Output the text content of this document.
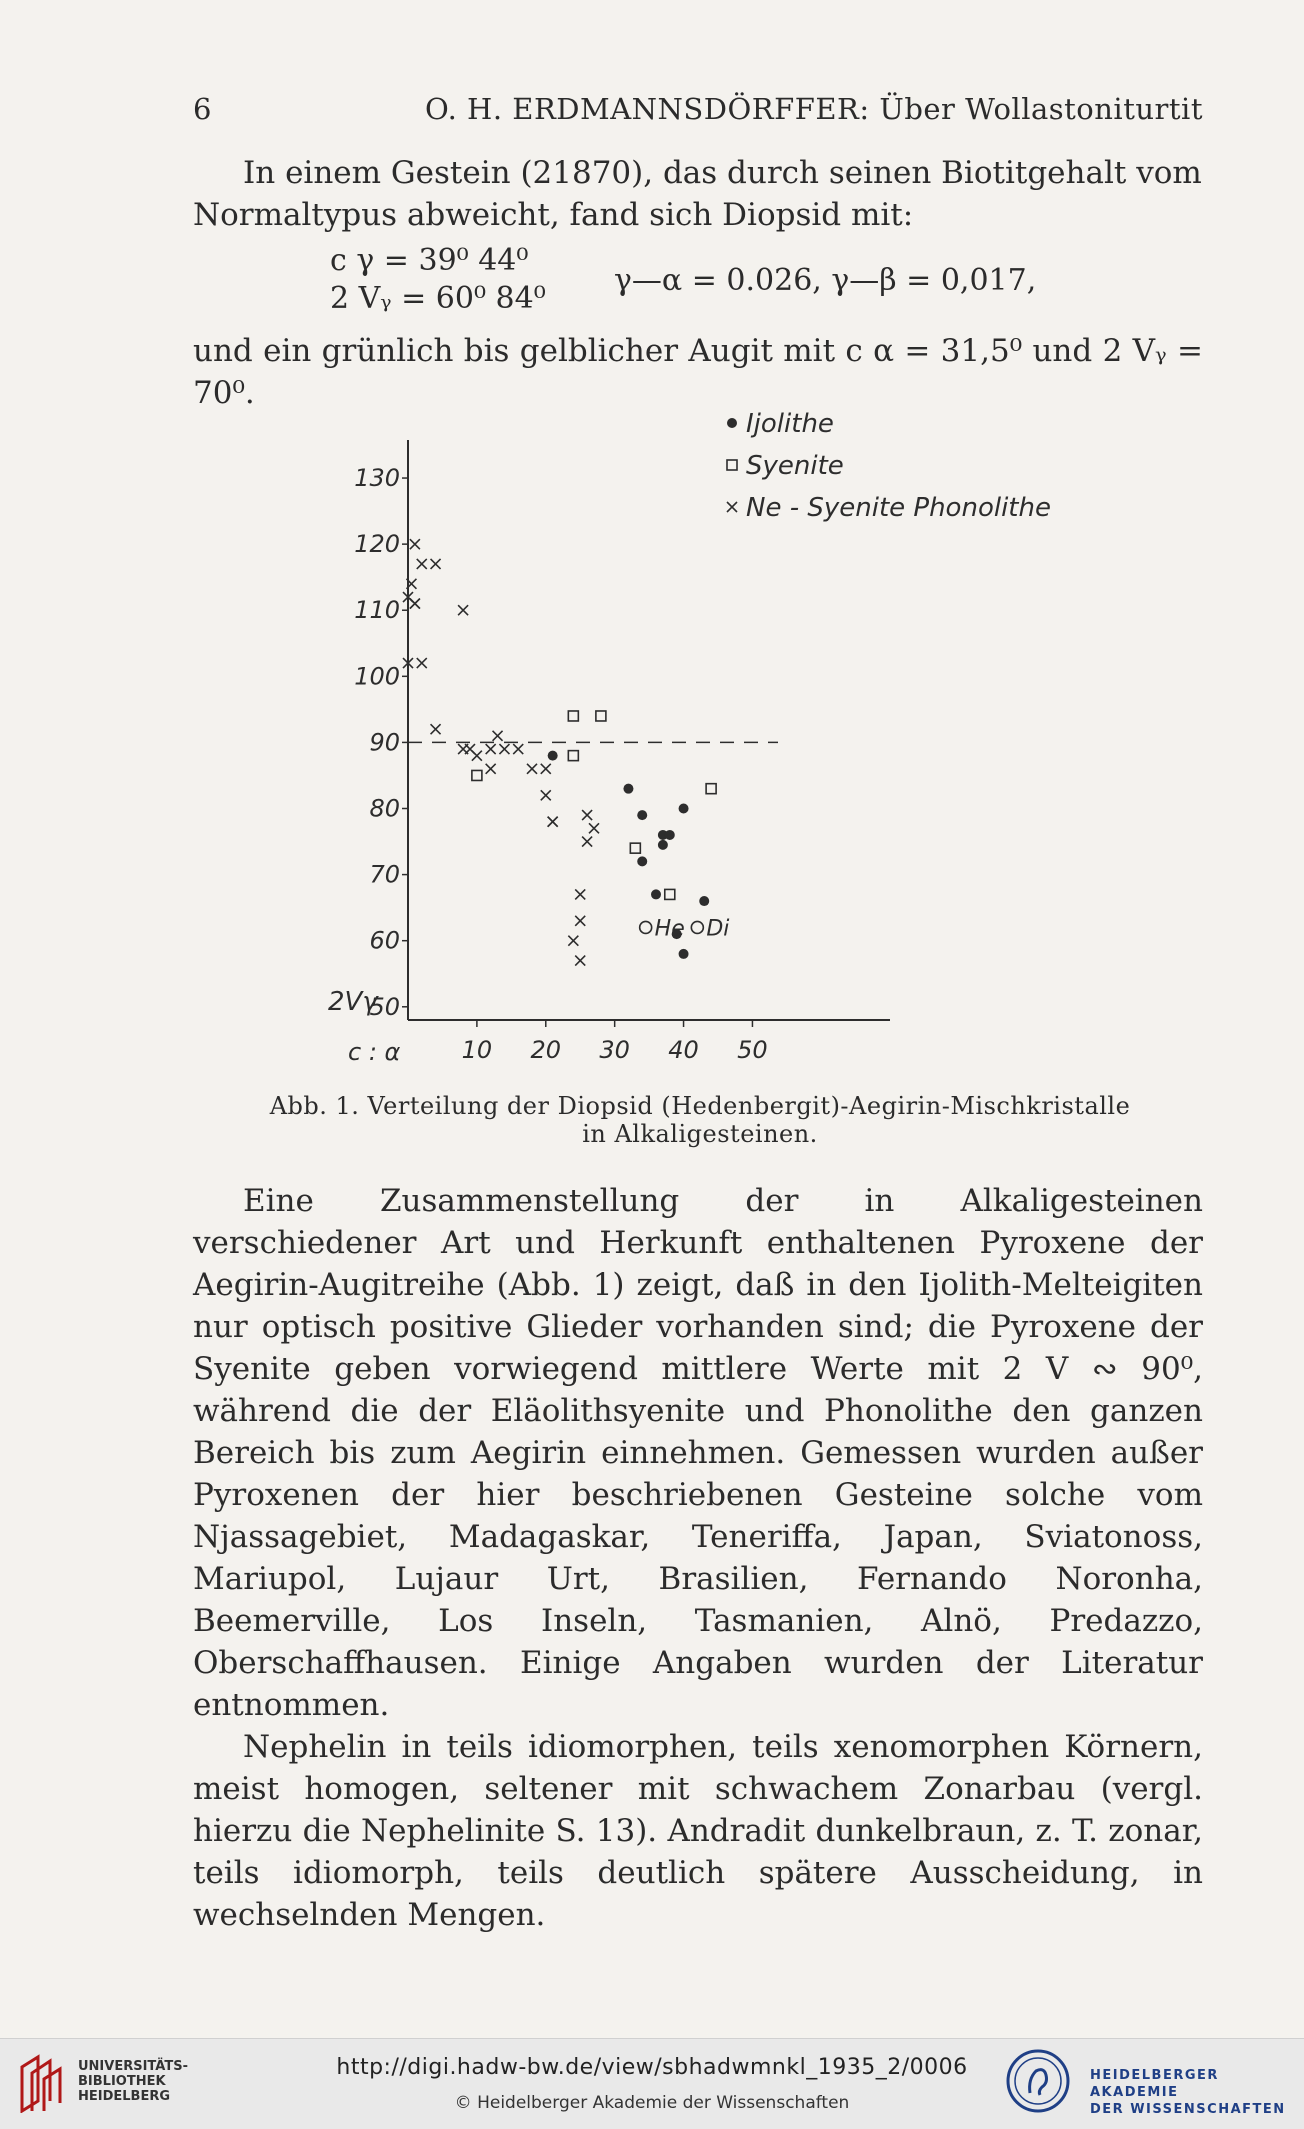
6	O. H. ERDMANNSDÖRFFER: Über Wollastoniturtit

In einem Gestein (21870), das durch seinen Biotitgehalt vom

Normaltypus abweicht, fand sich Diopsid mit:

c γ = 39⁰ 44⁰
2 Vᵧ = 60⁰ 84⁰
γ—α = 0.026, γ—β = 0,017,

und ein grünlich bis gelblicher Augit mit c α = 31,5⁰ und 2 Vᵧ = 70⁰.

50
60
70
80
90
100
110
120
130
10 20 30 40 50
c : α
2Vγ
He Di
Ijolithe
Syenite
Ne - Syenite Phonolithe
Abb. 1. Verteilung der Diopsid (Hedenbergit)-Aegirin-Mischkristalle
in Alkaligesteinen.

Eine Zusammenstellung der in Alkaligesteinen verschiedener Art und Herkunft enthaltenen Pyroxene der Aegirin-Augitreihe (Abb. 1) zeigt, daß in den Ijolith-Melteigiten nur optisch positive Glieder vorhanden sind; die Pyroxene der Syenite geben vorwiegend mittlere Werte mit 2 V ∾ 90⁰, während die der Eläolithsyenite und Phonolithe den ganzen Bereich bis zum Aegirin einnehmen. Gemessen wurden außer Pyroxenen der hier beschriebenen Gesteine solche vom Njassagebiet, Madagaskar, Teneriffa, Japan, Sviatonoss, Mariupol, Lujaur Urt, Brasilien, Fernando Noronha, Beemerville, Los Inseln, Tasmanien, Alnö, Predazzo, Oberschaffhausen. Einige Angaben wurden der Literatur entnommen.

Nephelin in teils idiomorphen, teils xenomorphen Körnern, meist homogen, seltener mit schwachem Zonarbau (vergl. hierzu die Nephelinite S. 13). Andradit dunkelbraun, z. T. zonar, teils idiomorph, teils deutlich spätere Ausscheidung, in wechselnden Mengen.

UNIVERSITÄTS-
BIBLIOTHEK
HEIDELBERG
http://digi.hadw-bw.de/view/sbhadwmnkl_1935_2/0006
© Heidelberger Akademie der Wissenschaften
HEIDELBERGER AKADEMIE
DER WISSENSCHAFTEN
